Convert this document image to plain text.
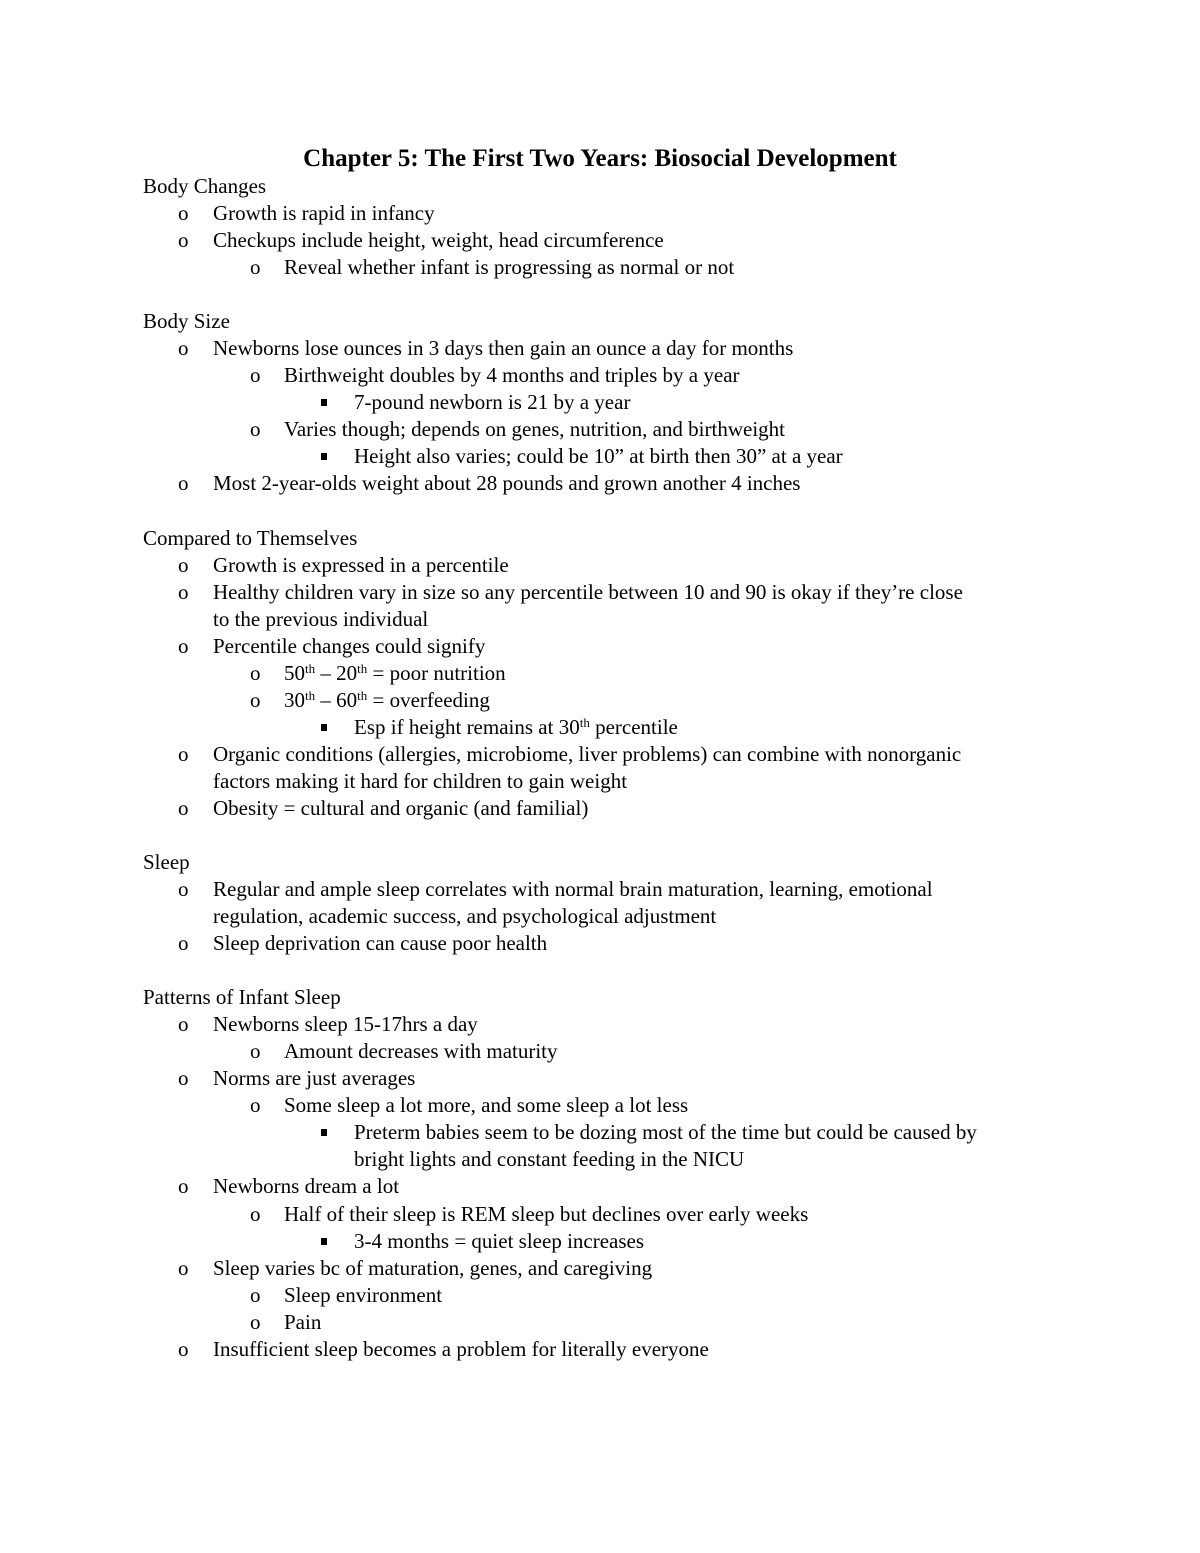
Chapter 5: The First Two Years: Biosocial Development
Body Changes
o Growth is rapid in infancy
o Checkups include height, weight, head circumference
o Reveal whether infant is progressing as normal or not
Body Size
o Newborns lose ounces in 3 days then gain an ounce a day for months
o Birthweight doubles by 4 months and triples by a year
7-pound newborn is 21 by a year
o Varies though; depends on genes, nutrition, and birthweight
Height also varies; could be 10” at birth then 30” at a year
o Most 2-year-olds weight about 28 pounds and grown another 4 inches
Compared to Themselves
o Growth is expressed in a percentile
o Healthy children vary in size so any percentile between 10 and 90 is okay if they’re close
to the previous individual
o Percentile changes could signify
o 50th – 20th = poor nutrition
o 30th – 60th = overfeeding
Esp if height remains at 30th percentile
o Organic conditions (allergies, microbiome, liver problems) can combine with nonorganic
factors making it hard for children to gain weight
o Obesity = cultural and organic (and familial)
Sleep
o Regular and ample sleep correlates with normal brain maturation, learning, emotional
regulation, academic success, and psychological adjustment
o Sleep deprivation can cause poor health
Patterns of Infant Sleep
o Newborns sleep 15-17hrs a day
o Amount decreases with maturity
o Norms are just averages
o Some sleep a lot more, and some sleep a lot less
Preterm babies seem to be dozing most of the time but could be caused by
bright lights and constant feeding in the NICU
o Newborns dream a lot
o Half of their sleep is REM sleep but declines over early weeks
3-4 months = quiet sleep increases
o Sleep varies bc of maturation, genes, and caregiving
o Sleep environment
o Pain
o Insufficient sleep becomes a problem for literally everyone
